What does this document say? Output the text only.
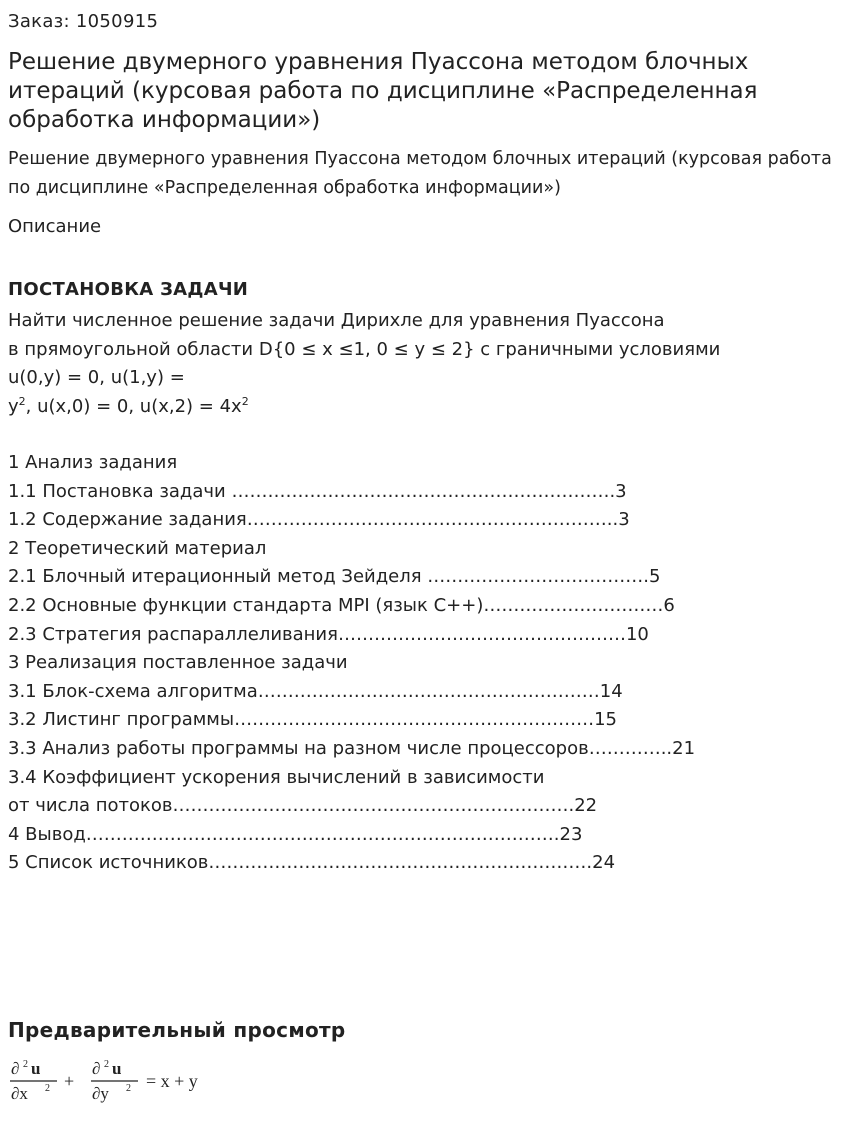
Заказ: 1050915
Решение двумерного уравнения Пуассона методом блочных итераций (курсовая работа по дисциплине «Распределенная обработка информации»)
Решение двумерного уравнения Пуассона методом блочных итераций (курсовая работа по дисциплине «Распределенная обработка информации»)
Описание
ПОСТАНОВКА ЗАДАЧИ
Найти численное решение задачи Дирихле для уравнения Пуассона
в прямоугольной области D{0 ≤ x ≤1, 0 ≤ y ≤ 2} с граничными условиями
u(0,y) = 0, u(1,y) =
$y^2$, u(x,0) = 0, $u(x,2) = 4x^2$
1 Анализ задания
1.1 Постановка задачи ……………………………………………………….3
1.2 Содержание задания……………………………………………………..3
2 Теоретический материал
2.1 Блочный итерационный метод Зейделя ……………………………….5
2.2 Основные функции стандарта MPI (язык С++)…………………………6
2.3 Стратегия распараллеливания…………………………………………10
3 Реализация поставленное задачи
3.1 Блок-схема алгоритма…………………………………………………14
3.2 Листинг программы……………………………………………………15
3.3 Анализ работы программы на разном числе процессоров…………..21
3.4 Коэффициент ускорения вычислений в зависимости
от числа потоков………………………………………………………….22
4 Вывод…………………………………………………………………….23
5 Список источников……………………………………………………….24
Предварительный просмотр
∂ 2 u
∂x 2 +
∂ 2 u
∂y 2 = x + y
